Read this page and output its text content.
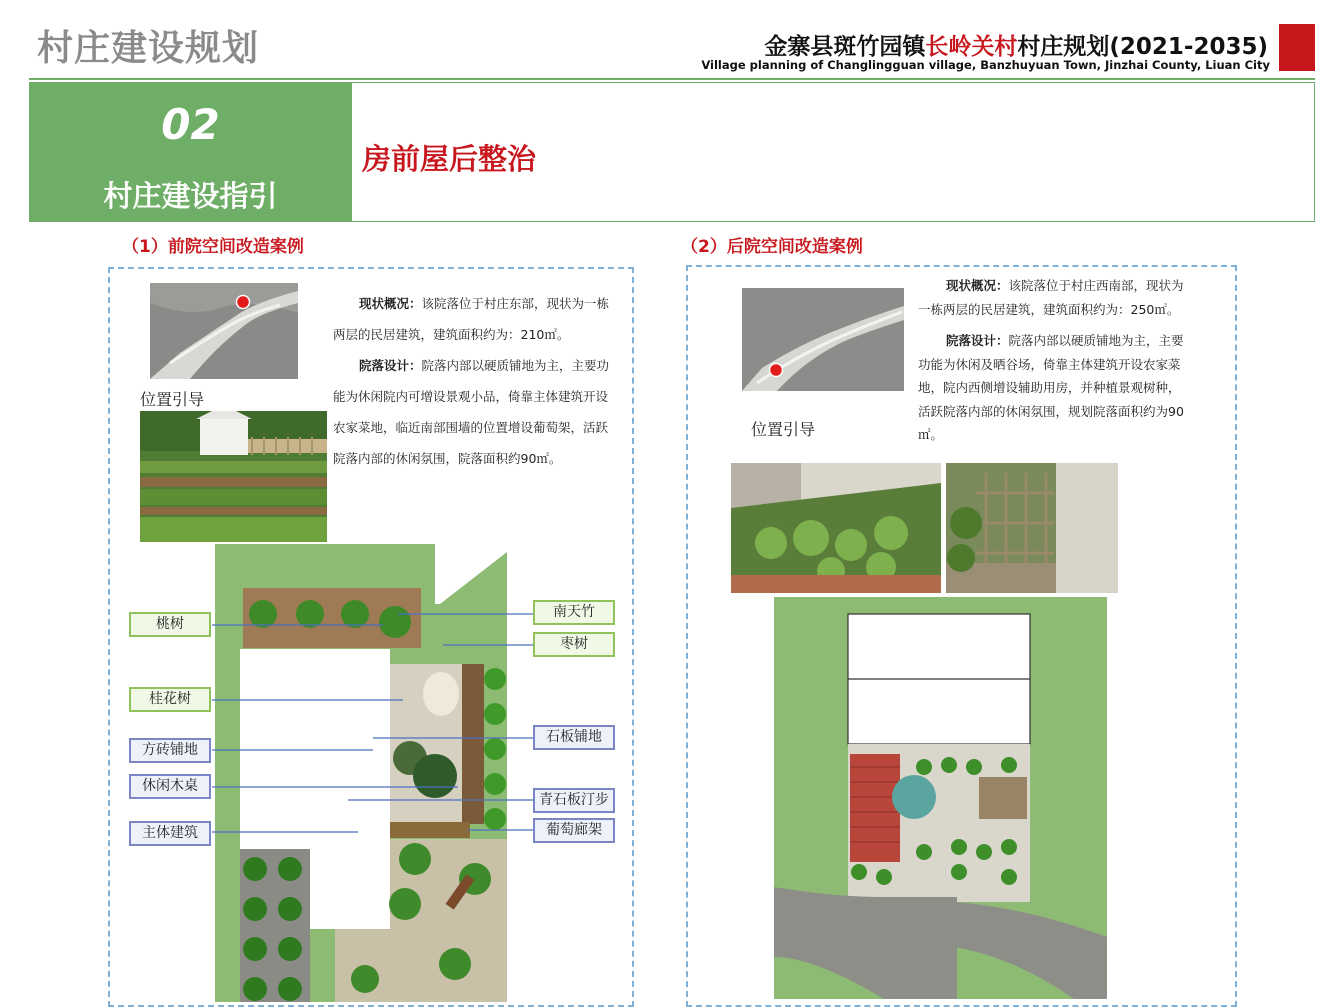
村庄建设规划	金寨县斑竹园镇长岭关村村庄规划(2021-2035)
Village planning of Changlingguan village, Banzhuyuan Town, Jinzhai County, Liuan City
02
村庄建设指引
房前屋后整治
（1）前院空间改造案例
位置引导
现状概况：该院落位于村庄东部，现状为一栋两层的民居建筑，建筑面积约为：210㎡。
院落设计：院落内部以硬质铺地为主，主要功能为休闲院内可增设景观小品，倚靠主体建筑开设农家菜地，临近南部围墙的位置增设葡萄架，活跃院落内部的休闲氛围，院落面积约90㎡。
桃树
桂花树
方砖铺地
休闲木桌
主体建筑
南天竹
枣树
石板铺地
青石板汀步
葡萄廊架
（2）后院空间改造案例
位置引导
现状概况：该院落位于村庄西南部，现状为一栋两层的民居建筑，建筑面积约为：250㎡。
院落设计：院落内部以硬质铺地为主，主要功能为休闲及晒谷场，倚靠主体建筑开设农家菜地，院内西侧增设辅助用房，并种植景观树种，活跃院落内部的休闲氛围，规划院落面积约为90㎡。
